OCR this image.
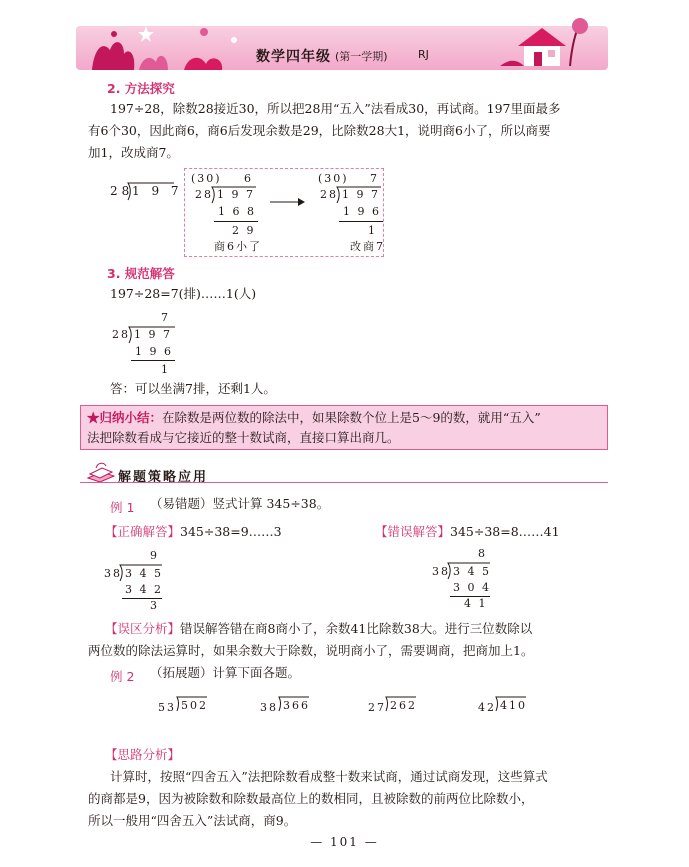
数学四年级 (第一学期)	RJ
2. 方法探究
197÷28，除数28接近30，所以把28用“五入”法看成30，再试商。197里面最多
有6个30，因此商6，商6后发现余数是29，比除数28大1，说明商6小了，所以商要
加1，改成商7。
28
1 9 7
(30) 6
28 1 9 7
1 6 8
2 9
商6小了
(30) 7
28 1 9 7
1 9 6
1
改商7
3. 规范解答
197÷28=7(排)……1(人)
7
28 1 9 7
1 9 6
1
答：可以坐满7排，还剩1人。
★归纳小结：在除数是两位数的除法中，如果除数个位上是5～9的数，就用“五入”
法把除数看成与它接近的整十数试商，直接口算出商几。
解题策略应用
例 1 （易错题）竖式计算 345÷38。
【正确解答】345÷38=9……3	【错误解答】345÷38=8……41
9
38 3 4 5
3 4 2
3
8
38 3 4 5
3 0 4
4 1
【误区分析】错误解答错在商8商小了，余数41比除数38大。进行三位数除以
两位数的除法运算时，如果余数大于除数，说明商小了，需要调商，把商加上1。
例 2 （拓展题）计算下面各题。
53 502	38 366	27 262	42 410
【思路分析】
计算时，按照“四舍五入”法把除数看成整十数来试商，通过试商发现，这些算式
的商都是9，因为被除数和除数最高位上的数相同，且被除数的前两位比除数小，
所以一般用“四舍五入”法试商，商9。
— 101 —
